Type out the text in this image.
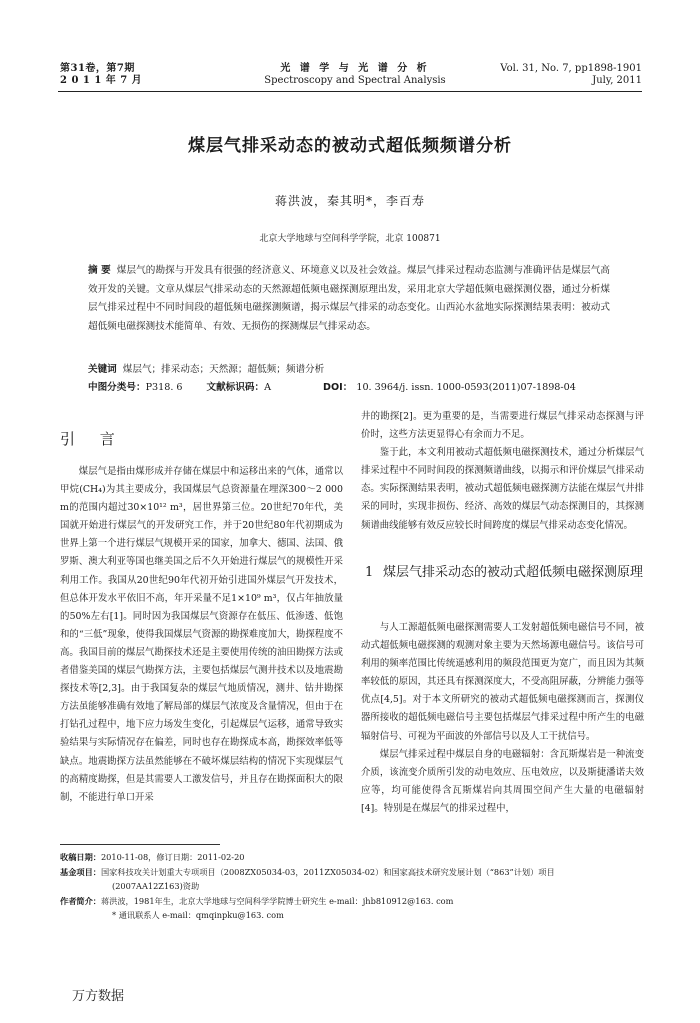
第31卷，第7期
2 0 1 1 年 7 月
光 谱 学 与 光 谱 分 析
Spectroscopy and Spectral Analysis
Vol. 31, No. 7, pp1898-1901
July, 2011
煤层气排采动态的被动式超低频频谱分析
蒋洪波，秦其明*，李百寿
北京大学地球与空间科学学院，北京 100871
摘 要 煤层气的勘探与开发具有很强的经济意义、环境意义以及社会效益。煤层气排采过程动态监测与准确评估是煤层气高效开发的关键。文章从煤层气排采动态的天然源超低频电磁探测原理出发，采用北京大学超低频电磁探测仪器，通过分析煤层气排采过程中不同时间段的超低频电磁探测频谱，揭示煤层气排采的动态变化。山西沁水盆地实际探测结果表明：被动式超低频电磁探测技术能简单、有效、无损伤的探测煤层气排采动态。
关键词 煤层气；排采动态；天然源；超低频；频谱分析
中图分类号：P318. 6	文献标识码：A	DOI： 10. 3964/j. issn. 1000-0593(2011)07-1898-04
引 言

煤层气是指由煤形成并存储在煤层中和运移出来的气体，通常以甲烷(CH₄)为其主要成分，我国煤层气总资源量在埋深300～2 000 m的范围内超过30×10¹² m³，居世界第三位。20世纪70年代，美国就开始进行煤层气的开发研究工作，并于20世纪80年代初期成为世界上第一个进行煤层气规模开采的国家，加拿大、德国、法国、俄罗斯、澳大利亚等国也继美国之后不久开始进行煤层气的规模性开采利用工作。我国从20世纪90年代初开始引进国外煤层气开发技术，但总体开发水平依旧不高，年开采量不足1×10⁹ m³，仅占年抽放量的50%左右[1]。同时因为我国煤层气资源存在低压、低渗透、低饱和的“三低”现象，使得我国煤层气资源的勘探难度加大，勘探程度不高。我国目前的煤层气勘探技术还是主要使用传统的油田勘探方法或者借鉴美国的煤层气勘探方法，主要包括煤层气测井技术以及地震勘探技术等[2,3]。由于我国复杂的煤层气地质情况，测井、钻井勘探方法虽能够准确有效地了解局部的煤层气浓度及含量情况，但由于在打钻孔过程中，地下应力场发生变化，引起煤层气运移，通常导致实验结果与实际情况存在偏差，同时也存在勘探成本高，勘探效率低等缺点。地震勘探方法虽然能够在不破坏煤层结构的情况下实现煤层气的高精度勘探，但是其需要人工激发信号，并且存在勘探面积大的限制，不能进行单口开采

井的勘探[2]。更为重要的是，当需要进行煤层气排采动态探测与评价时，这些方法更显得心有余而力不足。

鉴于此，本文利用被动式超低频电磁探测技术，通过分析煤层气排采过程中不同时间段的探测频谱曲线，以揭示和评价煤层气排采动态。实际探测结果表明，被动式超低频电磁探测方法能在煤层气井排采的同时，实现非损伤、经济、高效的煤层气动态探测目的，其探测频谱曲线能够有效反应较长时间跨度的煤层气排采动态变化情况。

1 煤层气排采动态的被动式超低频电磁探测原理

与人工源超低频电磁探测需要人工发射超低频电磁信号不同，被动式超低频电磁探测的观测对象主要为天然场源电磁信号。该信号可利用的频率范围比传统遥感利用的频段范围更为宽广，而且因为其频率较低的原因，其还具有探测深度大，不受高阻屏蔽，分辨能力强等优点[4,5]。对于本文所研究的被动式超低频电磁探测而言，探测仪器所接收的超低频电磁信号主要包括煤层气排采过程中所产生的电磁辐射信号、可视为平面波的外部信号以及人工干扰信号。

煤层气排采过程中煤层自身的电磁辐射：含瓦斯煤岩是一种流变介质，该流变介质所引发的动电效应、压电效应，以及斯捷潘诺夫效应等，均可能使得含瓦斯煤岩向其周围空间产生大量的电磁辐射[4]。特别是在煤层气的排采过程中，

收稿日期：2010-11-08，修订日期：2011-02-20
基金项目：国家科技攻关计划重大专项项目（2008ZX05034-03，2011ZX05034-02）和国家高技术研究发展计划（“863”计划）项目
(2007AA12Z163)资助
作者简介：蒋洪波，1981年生，北京大学地球与空间科学学院博士研究生 e-mail：jhb810912@163. com
* 通讯联系人 e-mail：qmqinpku@163. com
万方数据
